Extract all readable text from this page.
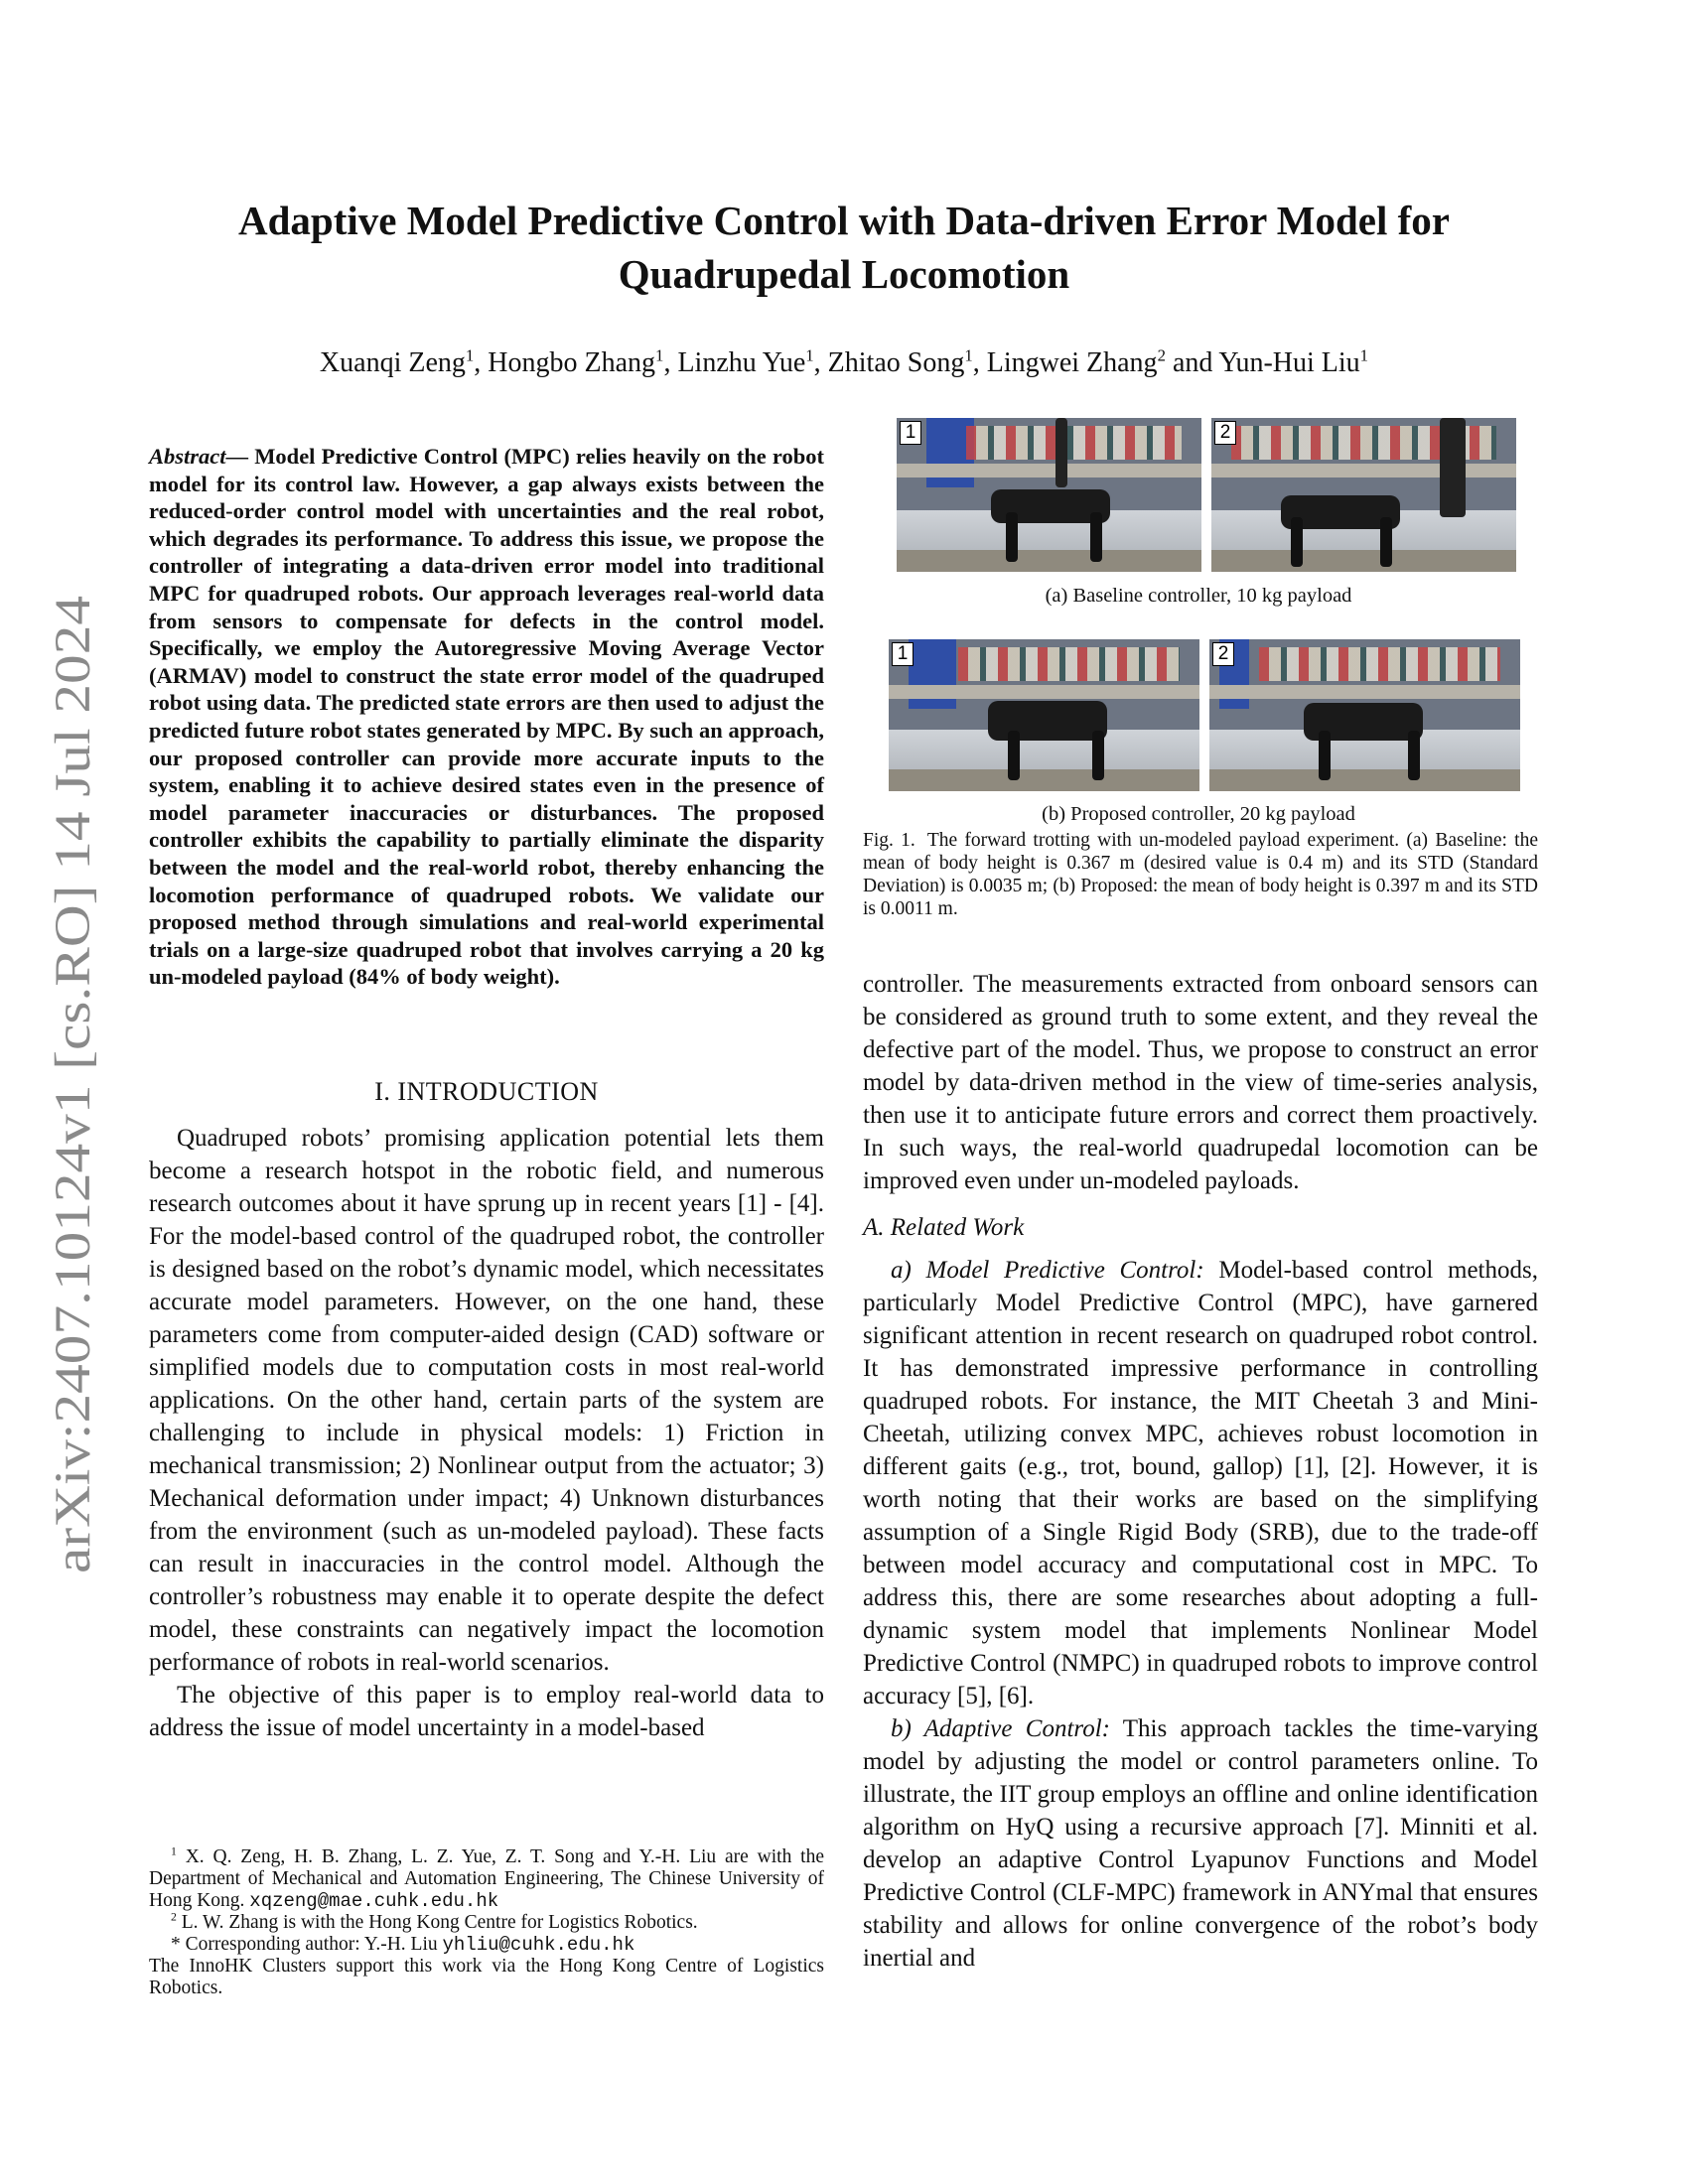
arXiv:2407.10124v1 [cs.RO] 14 Jul 2024
Adaptive Model Predictive Control with Data-driven Error Model for
Quadrupedal Locomotion
Xuanqi Zeng$^1$, Hongbo Zhang$^1$, Linzhu Yue$^1$, Zhitao Song$^1$, Lingwei Zhang$^2$ and Yun-Hui Liu$^1$

Abstract— Model Predictive Control (MPC) relies heavily on the robot model for its control law. However, a gap always exists between the reduced-order control model with uncertainties and the real robot, which degrades its performance. To address this issue, we propose the controller of integrating a data-driven error model into traditional MPC for quadruped robots. Our approach leverages real-world data from sensors to compensate for defects in the control model. Specifically, we employ the Autoregressive Moving Average Vector (ARMAV) model to construct the state error model of the quadruped robot using data. The predicted state errors are then used to adjust the predicted future robot states generated by MPC. By such an approach, our proposed controller can provide more accurate inputs to the system, enabling it to achieve desired states even in the presence of model parameter inaccuracies or disturbances. The proposed controller exhibits the capability to partially eliminate the disparity between the model and the real-world robot, thereby enhancing the locomotion performance of quadruped robots. We validate our proposed method through simulations and real-world experimental trials on a large-size quadruped robot that involves carrying a 20 kg un-modeled payload (84% of body weight).

I. INTRODUCTION

Quadruped robots’ promising application potential lets them become a research hotspot in the robotic field, and numerous research outcomes about it have sprung up in recent years [1] - [4]. For the model-based control of the quadruped robot, the controller is designed based on the robot’s dynamic model, which necessitates accurate model parameters. However, on the one hand, these parameters come from computer-aided design (CAD) software or simplified models due to computation costs in most real-world applications. On the other hand, certain parts of the system are challenging to include in physical models: 1) Friction in mechanical transmission; 2) Nonlinear output from the actuator; 3) Mechanical deformation under impact; 4) Unknown disturbances from the environment (such as un-modeled payload). These facts can result in inaccuracies in the control model. Although the controller’s robustness may enable it to operate despite the defect model, these constraints can negatively impact the locomotion performance of robots in real-world scenarios.

The objective of this paper is to employ real-world data to address the issue of model uncertainty in a model-based

$^1$ X. Q. Zeng, H. B. Zhang, L. Z. Yue, Z. T. Song and Y.-H. Liu are with the Department of Mechanical and Automation Engineering, The Chinese University of Hong Kong. xqzeng@mae.cuhk.edu.hk

$^2$ L. W. Zhang is with the Hong Kong Centre for Logistics Robotics.

* Corresponding author: Y.-H. Liu yhliu@cuhk.edu.hk

The InnoHK Clusters support this work via the Hong Kong Centre of Logistics Robotics.

1	2
(a) Baseline controller, 10 kg payload
1	2
(b) Proposed controller, 20 kg payload
Fig. 1. The forward trotting with un-modeled payload experiment. (a) Baseline: the mean of body height is 0.367 m (desired value is 0.4 m) and its STD (Standard Deviation) is 0.0035 m; (b) Proposed: the mean of body height is 0.397 m and its STD is 0.0011 m.

controller. The measurements extracted from onboard sensors can be considered as ground truth to some extent, and they reveal the defective part of the model. Thus, we propose to construct an error model by data-driven method in the view of time-series analysis, then use it to anticipate future errors and correct them proactively. In such ways, the real-world quadrupedal locomotion can be improved even under un-modeled payloads.

A. Related Work

a) Model Predictive Control: Model-based control methods, particularly Model Predictive Control (MPC), have garnered significant attention in recent research on quadruped robot control. It has demonstrated impressive performance in controlling quadruped robots. For instance, the MIT Cheetah 3 and Mini-Cheetah, utilizing convex MPC, achieves robust locomotion in different gaits (e.g., trot, bound, gallop) [1], [2]. However, it is worth noting that their works are based on the simplifying assumption of a Single Rigid Body (SRB), due to the trade-off between model accuracy and computational cost in MPC. To address this, there are some researches about adopting a full-dynamic system model that implements Nonlinear Model Predictive Control (NMPC) in quadruped robots to improve control accuracy [5], [6].

b) Adaptive Control: This approach tackles the time-varying model by adjusting the model or control parameters online. To illustrate, the IIT group employs an offline and online identification algorithm on HyQ using a recursive approach [7]. Minniti et al. develop an adaptive Control Lyapunov Functions and Model Predictive Control (CLF-MPC) framework in ANYmal that ensures stability and allows for online convergence of the robot’s body inertial and
